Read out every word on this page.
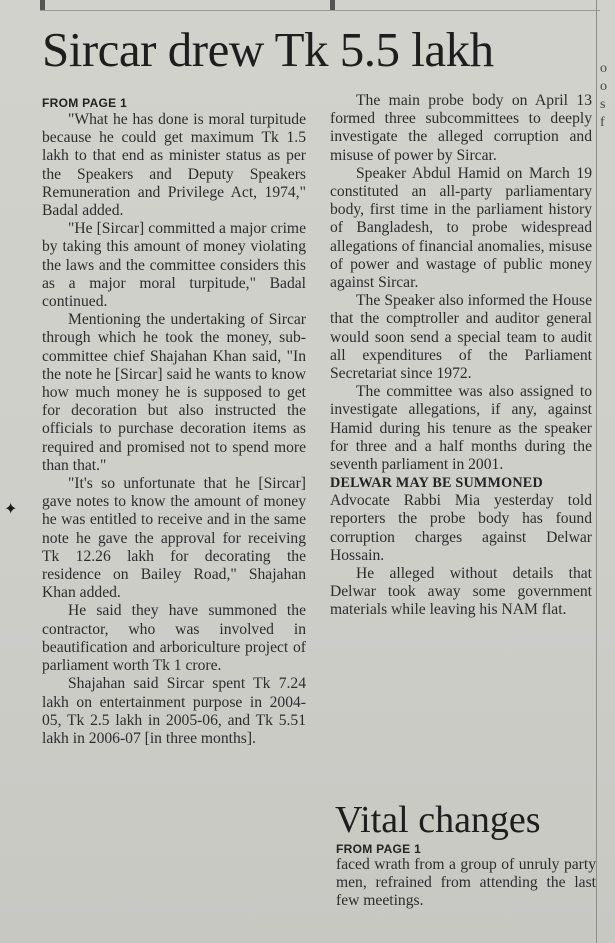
o
o
s
f
✦
Sircar drew Tk 5.5 lakh
FROM PAGE 1

"What he has done is moral turpitude because he could get maximum Tk 1.5 lakh to that end as minister status as per the Speakers and Deputy Speakers Remuneration and Privilege Act, 1974," Badal added.

"He [Sircar] committed a major crime by taking this amount of money violating the laws and the committee considers this as a major moral turpitude," Badal continued.

Mentioning the undertaking of Sircar through which he took the money, sub-committee chief Shajahan Khan said, "In the note he [Sircar] said he wants to know how much money he is supposed to get for decoration but also instructed the officials to purchase decoration items as required and promised not to spend more than that."

"It's so unfortunate that he [Sircar] gave notes to know the amount of money he was entitled to receive and in the same note he gave the approval for receiving Tk 12.26 lakh for decorating the residence on Bailey Road," Shajahan Khan added.

He said they have summoned the contractor, who was involved in beautification and arboriculture project of parliament worth Tk 1 crore.

Shajahan said Sircar spent Tk 7.24 lakh on entertainment purpose in 2004-05, Tk 2.5 lakh in 2005-06, and Tk 5.51 lakh in 2006-07 [in three months].

The main probe body on April 13 formed three subcommittees to deeply investigate the alleged corruption and misuse of power by Sircar.

Speaker Abdul Hamid on March 19 constituted an all-party parliamentary body, first time in the parliament history of Bangladesh, to probe widespread allegations of financial anomalies, misuse of power and wastage of public money against Sircar.

The Speaker also informed the House that the comptroller and auditor general would soon send a special team to audit all expenditures of the Parliament Secretariat since 1972.

The committee was also assigned to investigate allegations, if any, against Hamid during his tenure as the speaker for three and a half months during the seventh parliament in 2001.

DELWAR MAY BE SUMMONED

Advocate Rabbi Mia yesterday told reporters the probe body has found corruption charges against Delwar Hossain.

He alleged without details that Delwar took away some government materials while leaving his NAM flat.

Vital changes
FROM PAGE 1

faced wrath from a group of unruly party men, refrained from attending the last few meetings.
